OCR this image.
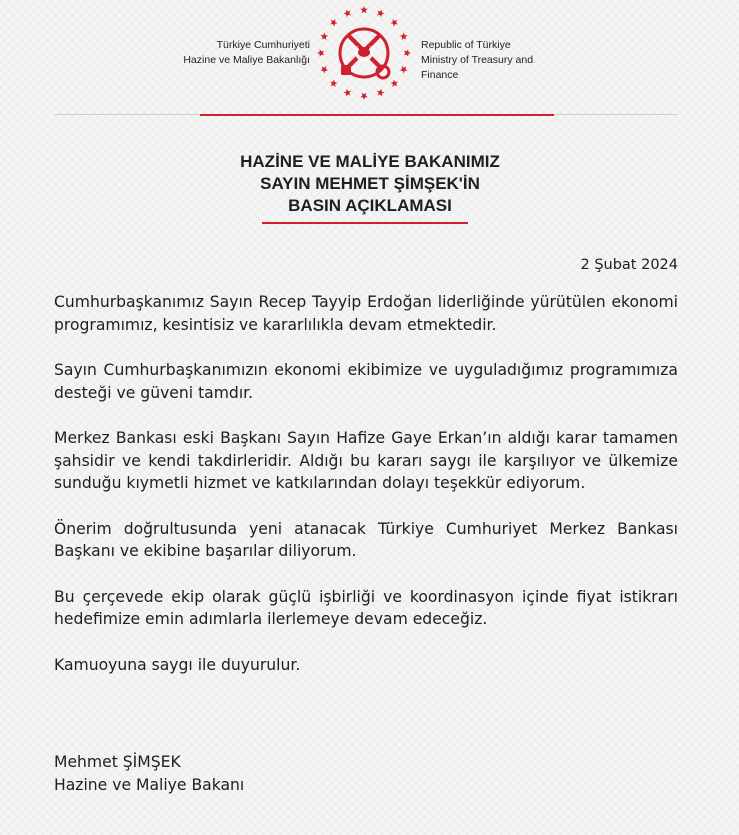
Türkiye Cumhuriyeti
Hazine ve Maliye Bakanlığı
Republic of Türkiye
Ministry of Treasury and Finance
HAZİNE VE MALİYE BAKANIMIZ
SAYIN MEHMET ŞİMŞEK'İN
BASIN AÇIKLAMASI
2 Şubat 2024

Cumhurbaşkanımız Sayın Recep Tayyip Erdoğan liderliğinde yürütülen ekonomi programımız, kesintisiz ve kararlılıkla devam etmektedir.

Sayın Cumhurbaşkanımızın ekonomi ekibimize ve uyguladığımız programımıza desteği ve güveni tamdır.

Merkez Bankası eski Başkanı Sayın Hafize Gaye Erkan’ın aldığı karar tamamen şahsidir ve kendi takdirleridir. Aldığı bu kararı saygı ile karşılıyor ve ülkemize sunduğu kıymetli hizmet ve katkılarından dolayı teşekkür ediyorum.

Önerim doğrultusunda yeni atanacak Türkiye Cumhuriyet Merkez Bankası Başkanı ve ekibine başarılar diliyorum.

Bu çerçevede ekip olarak güçlü işbirliği ve koordinasyon içinde fiyat istikrarı hedefimize emin adımlarla ilerlemeye devam edeceğiz.

Kamuoyuna saygı ile duyurulur.

Mehmet ŞİMŞEK
Hazine ve Maliye Bakanı
